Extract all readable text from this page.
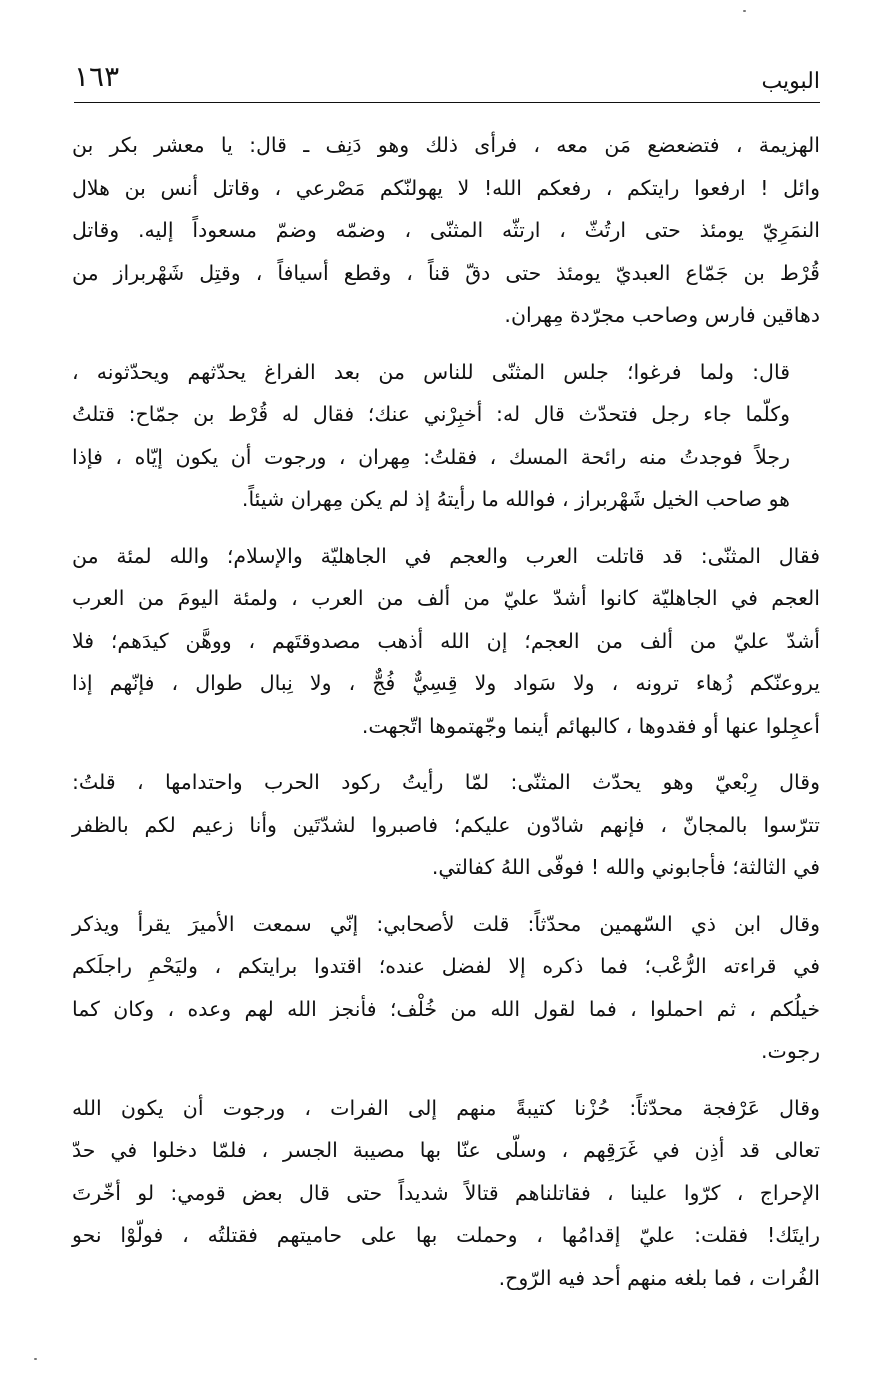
البويب
١٦٣

الهزيمة ، فتضعضع مَن معه ، فرأى ذلك وهو دَنِف ـ قال: يا معشر بكر بن
وائل ! ارفعوا رايتكم ، رفعكم الله! لا يهولنّكم مَصْرعي ، وقاتل أنس بن هلال
النمَرِيّ يومئذ حتى ارتُثّ ، ارتثّه المثنّى ، وضمّه وضمّ مسعوداً إليه. وقاتل
قُرْط بن جَمّاع العبديّ يومئذ حتى دقّ قناً ، وقطع أسيافاً ، وقتِل شَهْربراز من
دهاقين فارس وصاحب مجرّدة مِهران.

قال: ولما فرغوا؛ جلس المثنّى للناس من بعد الفراغ يحدّثهم ويحدّثونه ،
وكلّما جاء رجل فتحدّث قال له: أخبِرْني عنك؛ فقال له قُرْط بن جمّاح: قتلتُ
رجلاً فوجدتُ منه رائحة المسك ، فقلتُ: مِهران ، ورجوت أن يكون إيّاه ، فإذا
هو صاحب الخيل شَهْربراز ، فوالله ما رأيتهُ إذ لم يكن مِهران شيئاً.

فقال المثنّى: قد قاتلت العرب والعجم في الجاهليّة والإسلام؛ والله لمئة من
العجم في الجاهليّة كانوا أشدّ عليّ من ألف من العرب ، ولمئة اليومَ من العرب
أشدّ عليّ من ألف من العجم؛ إن الله أذهب مصدوقتَهم ، ووهَّن كيدَهم؛ فلا
يروعنّكم زُهاء ترونه ، ولا سَواد ولا قِسِيٌّ فُجٌّ ، ولا نِبال طوال ، فإنّهم إذا
أعجِلوا عنها أو فقدوها ، كالبهائم أينما وجّهتموها اتّجهت.

وقال رِبْعيّ وهو يحدّث المثنّى: لمّا رأيتُ ركود الحرب واحتدامها ، قلتُ:
تترّسوا بالمجانّ ، فإنهم شادّون عليكم؛ فاصبروا لشدّتَين وأنا زعيم لكم بالظفر
في الثالثة؛ فأجابوني والله ! فوفّى اللهُ كفالتي.

وقال ابن ذي السّهمين محدّثاً: قلت لأصحابي: إنّي سمعت الأميرَ يقرأ ويذكر
في قراءته الرُّعْب؛ فما ذكره إلا لفضل عنده؛ اقتدوا برايتكم ، وليَحْمِ راجلَكم
خيلُكم ، ثم احملوا ، فما لقول الله من خُلْف؛ فأنجز الله لهم وعده ، وكان كما
رجوت.

وقال عَرْفجة محدّثاً: حُزْنا كتيبةً منهم إلى الفرات ، ورجوت أن يكون الله
تعالى قد أذِن في غَرَقِهم ، وسلّى عنّا بها مصيبة الجسر ، فلمّا دخلوا في حدّ
الإحراج ، كرّوا علينا ، فقاتلناهم قتالاً شديداً حتى قال بعض قومي: لو أخّرتَ
رايتَك! فقلت: عليّ إقدامُها ، وحملت بها على حاميتهم فقتلتُه ، فولّوْا نحو
الفُرات ، فما بلغه منهم أحد فيه الرّوح.
